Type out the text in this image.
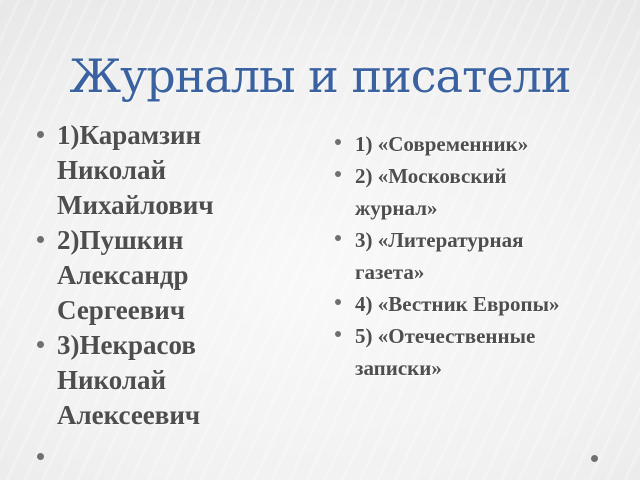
Журналы и писатели
1)Карамзин Николай Михайлович
2)Пушкин Александр Сергеевич
3)Некрасов Николай Алексеевич
1) «Современник»
2) «Московский журнал»
3) «Литературная газета»
4) «Вестник Европы»
5) «Отечественные записки»
